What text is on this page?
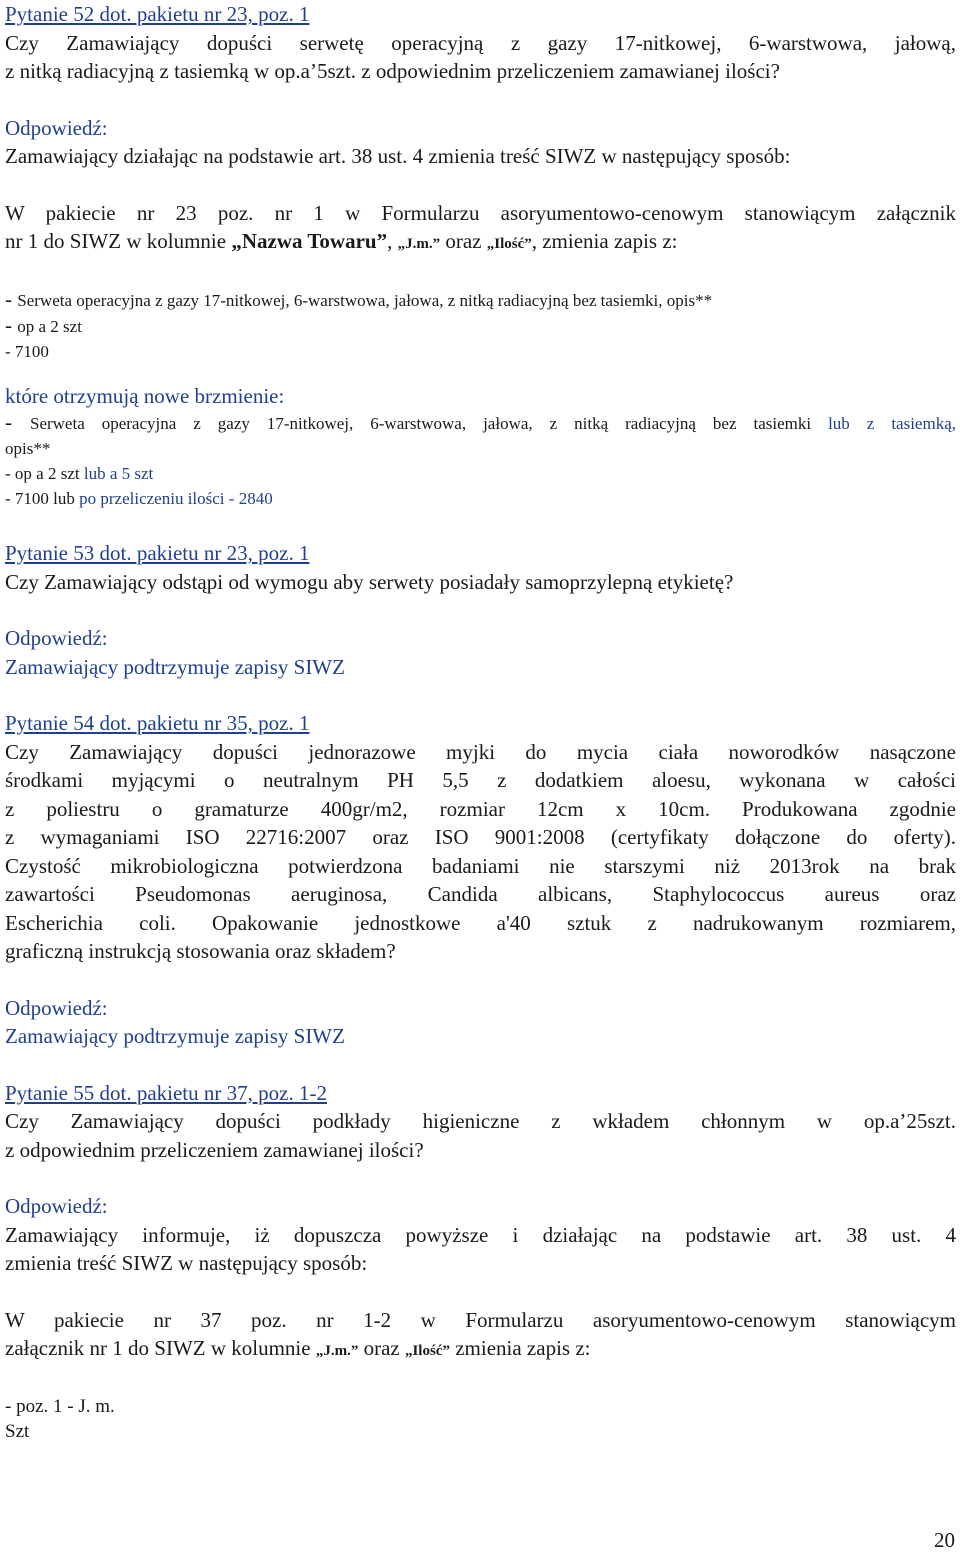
Pytanie 52 dot. pakietu nr 23, poz. 1
Czy Zamawiający dopuści serwetę operacyjną z gazy 17-nitkowej, 6-warstwowa, jałową,
z nitką radiacyjną z tasiemką w op.a’5szt. z odpowiednim przeliczeniem zamawianej ilości?
Odpowiedź:
Zamawiający działając na podstawie art. 38 ust. 4 zmienia treść SIWZ w następujący sposób:
W pakiecie nr 23 poz. nr 1 w Formularzu asoryumentowo-cenowym stanowiącym załącznik
nr 1 do SIWZ w kolumnie „Nazwa Towaru”, „J.m.” oraz „Ilość”, zmienia zapis z:
- Serweta operacyjna z gazy 17-nitkowej, 6-warstwowa, jałowa, z nitką radiacyjną bez tasiemki, opis**
- op a 2 szt
- 7100
które otrzymują nowe brzmienie:
- Serweta operacyjna z gazy 17-nitkowej, 6-warstwowa, jałowa, z nitką radiacyjną bez tasiemki lub z tasiemką,
opis**
- op a 2 szt lub a 5 szt
- 7100 lub po przeliczeniu ilości - 2840
Pytanie 53 dot. pakietu nr 23, poz. 1
Czy Zamawiający odstąpi od wymogu aby serwety posiadały samoprzylepną etykietę?
Odpowiedź:
Zamawiający podtrzymuje zapisy SIWZ
Pytanie 54 dot. pakietu nr 35, poz. 1
Czy Zamawiający dopuści jednorazowe myjki do mycia ciała noworodków nasączone
środkami myjącymi o neutralnym PH 5,5 z dodatkiem aloesu, wykonana w całości
z poliestru o gramaturze 400gr/m2, rozmiar 12cm x 10cm. Produkowana zgodnie
z wymaganiami ISO 22716:2007 oraz ISO 9001:2008 (certyfikaty dołączone do oferty).
Czystość mikrobiologiczna potwierdzona badaniami nie starszymi niż 2013rok na brak
zawartości Pseudomonas aeruginosa, Candida albicans, Staphylococcus aureus oraz
Escherichia coli. Opakowanie jednostkowe a'40 sztuk z nadrukowanym rozmiarem,
graficzną instrukcją stosowania oraz składem?
Odpowiedź:
Zamawiający podtrzymuje zapisy SIWZ
Pytanie 55 dot. pakietu nr 37, poz. 1-2
Czy Zamawiający dopuści podkłady higieniczne z wkładem chłonnym w op.a’25szt.
z odpowiednim przeliczeniem zamawianej ilości?
Odpowiedź:
Zamawiający informuje, iż dopuszcza powyższe i działając na podstawie art. 38 ust. 4
zmienia treść SIWZ w następujący sposób:
W pakiecie nr 37 poz. nr 1-2 w Formularzu asoryumentowo-cenowym stanowiącym
załącznik nr 1 do SIWZ w kolumnie „J.m.” oraz „Ilość” zmienia zapis z:
- poz. 1 - J. m.
Szt
20
